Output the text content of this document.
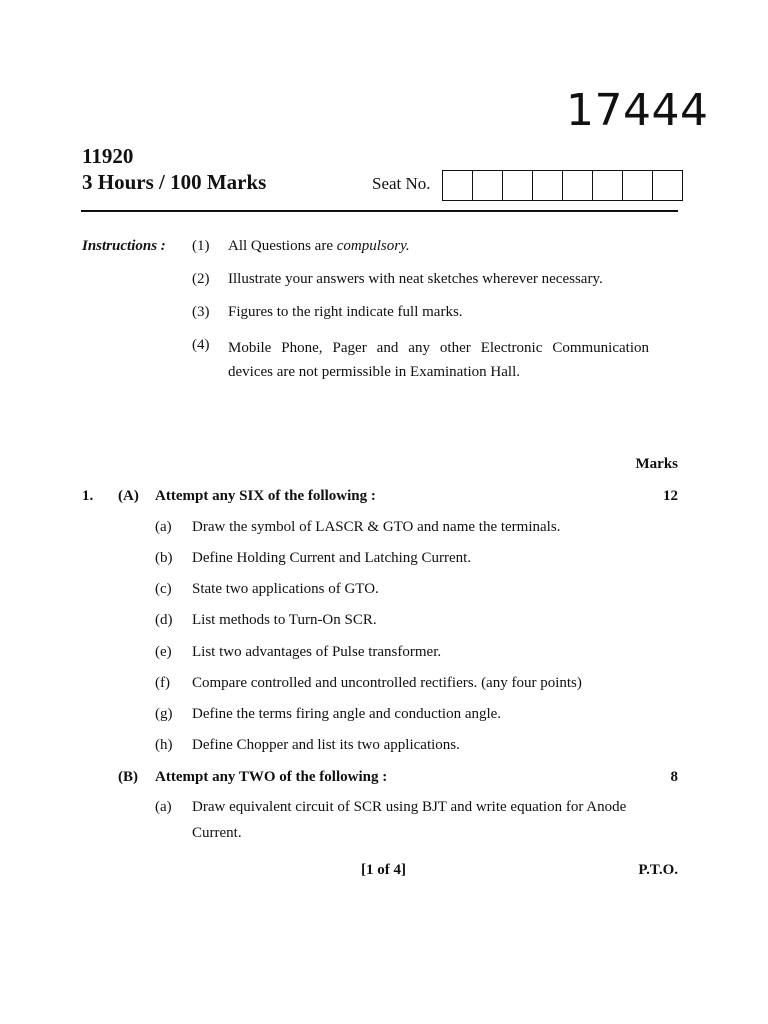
17444
11920
3 Hours / 100 Marks	Seat No.
Instructions : (1)	All Questions are compulsory.
(2)	Illustrate your answers with neat sketches wherever necessary.
(3)	Figures to the right indicate full marks.
(4)	Mobile Phone, Pager and any other Electronic Communication devices are not permissible in Examination Hall.
Marks
1. (A) Attempt any SIX of the following :	12
(a) Draw the symbol of LASCR & GTO and name the terminals.
(b) Define Holding Current and Latching Current.
(c) State two applications of GTO.
(d) List methods to Turn-On SCR.
(e) List two advantages of Pulse transformer.
(f) Compare controlled and uncontrolled rectifiers. (any four points)
(g) Define the terms firing angle and conduction angle.
(h) Define Chopper and list its two applications.
(B) Attempt any TWO of the following :	8
(a) Draw equivalent circuit of SCR using BJT and write equation for Anode
Current.
[1 of 4]	P.T.O.
